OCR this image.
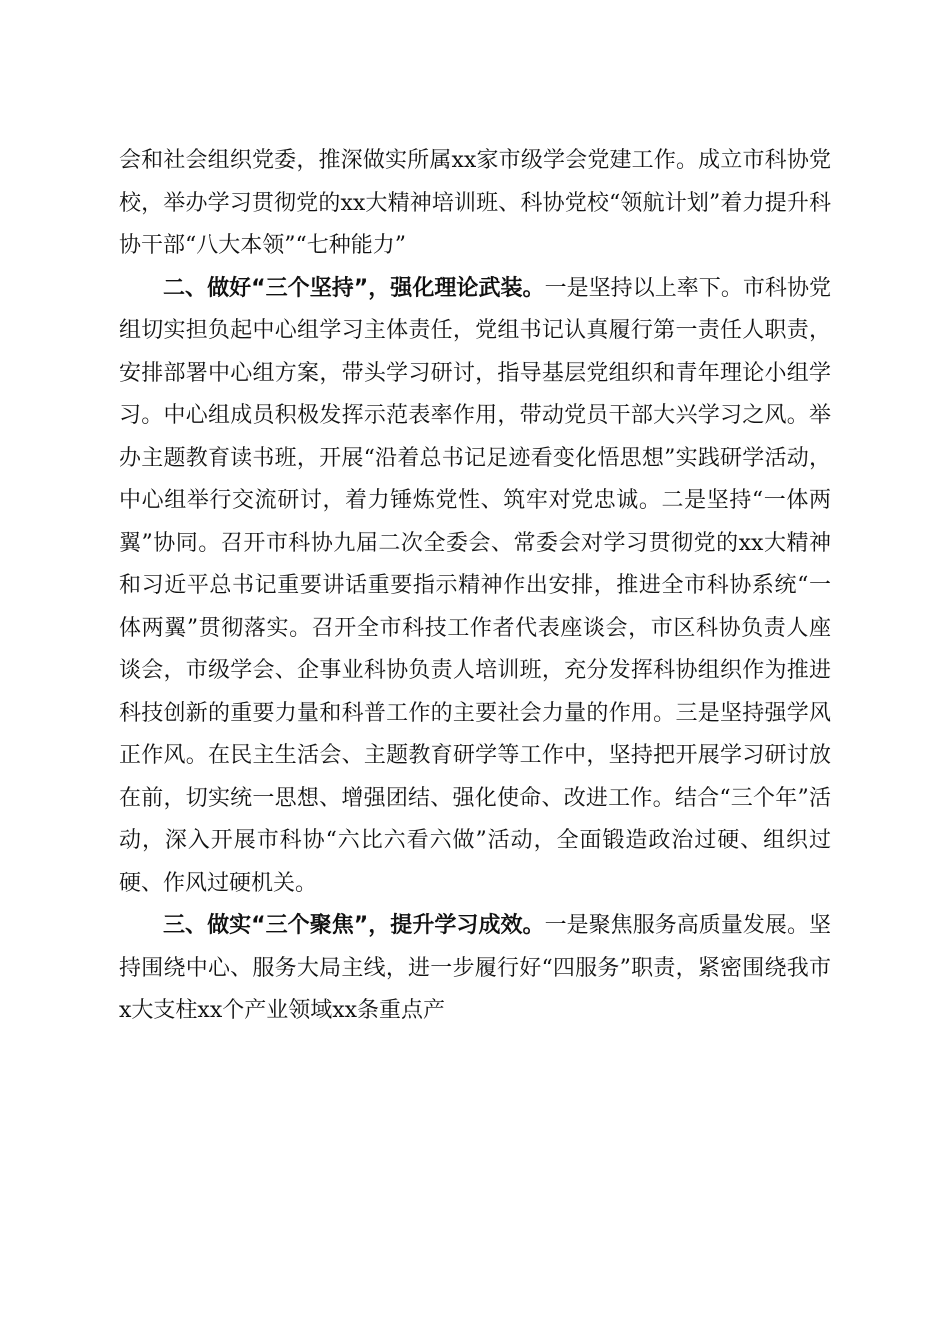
会和社会组织党委，推深做实所属xx家市级学会党建工作。成立市科协党校，举办学习贯彻党的xx大精神培训班、科协党校“领航计划”着力提升科协干部“八大本领”“七种能力”

二、做好“三个坚持”，强化理论武装。一是坚持以上率下。市科协党组切实担负起中心组学习主体责任，党组书记认真履行第一责任人职责，安排部署中心组方案，带头学习研讨，指导基层党组织和青年理论小组学习。中心组成员积极发挥示范表率作用，带动党员干部大兴学习之风。举办主题教育读书班，开展“沿着总书记足迹看变化悟思想”实践研学活动，中心组举行交流研讨，着力锤炼党性、筑牢对党忠诚。二是坚持“一体两翼”协同。召开市科协九届二次全委会、常委会对学习贯彻党的xx大精神和习近平总书记重要讲话重要指示精神作出安排，推进全市科协系统“一体两翼”贯彻落实。召开全市科技工作者代表座谈会，市区科协负责人座谈会，市级学会、企事业科协负责人培训班，充分发挥科协组织作为推进科技创新的重要力量和科普工作的主要社会力量的作用。三是坚持强学风正作风。在民主生活会、主题教育研学等工作中，坚持把开展学习研讨放在前，切实统一思想、增强团结、强化使命、改进工作。结合“三个年”活动，深入开展市科协“六比六看六做”活动，全面锻造政治过硬、组织过硬、作风过硬机关。

三、做实“三个聚焦”，提升学习成效。一是聚焦服务高质量发展。坚持围绕中心、服务大局主线，进一步履行好“四服务”职责，紧密围绕我市x大支柱xx个产业领域xx条重点产
